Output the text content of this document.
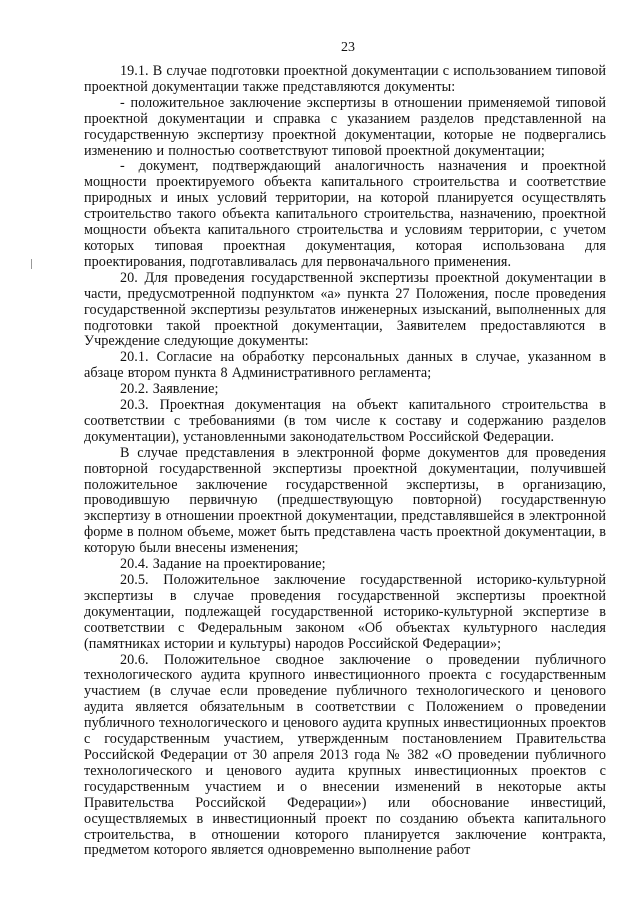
23

19.1. В случае подготовки проектной документации с использованием типовой проектной документации также представляются документы:

- положительное заключение экспертизы в отношении применяемой типовой проектной документации и справка с указанием разделов представленной на государственную экспертизу проектной документации, которые не подвергались изменению и полностью соответствуют типовой проектной документации;

- документ, подтверждающий аналогичность назначения и проектной мощности проектируемого объекта капитального строительства и соответствие природных и иных условий территории, на которой планируется осуществлять строительство такого объекта капитального строительства, назначению, проектной мощности объекта капитального строительства и условиям территории, с учетом которых типовая проектная документация, которая использована для проектирования, подготавливалась для первоначального применения.

20. Для проведения государственной экспертизы проектной документации в части, предусмотренной подпунктом «а» пункта 27 Положения, после проведения государственной экспертизы результатов инженерных изысканий, выполненных для подготовки такой проектной документации, Заявителем предоставляются в Учреждение следующие документы:

20.1. Согласие на обработку персональных данных в случае, указанном в абзаце втором пункта 8 Административного регламента;

20.2. Заявление;

20.3. Проектная документация на объект капитального строительства в соответствии с требованиями (в том числе к составу и содержанию разделов документации), установленными законодательством Российской Федерации.

В случае представления в электронной форме документов для проведения повторной государственной экспертизы проектной документации, получившей положительное заключение государственной экспертизы, в организацию, проводившую первичную (предшествующую повторной) государственную экспертизу в отношении проектной документации, представлявшейся в электронной форме в полном объеме, может быть представлена часть проектной документации, в которую были внесены изменения;

20.4. Задание на проектирование;

20.5. Положительное заключение государственной историко-культурной экспертизы в случае проведения государственной экспертизы проектной документации, подлежащей государственной историко-культурной экспертизе в соответствии с Федеральным законом «Об объектах культурного наследия (памятниках истории и культуры) народов Российской Федерации»;

20.6. Положительное сводное заключение о проведении публичного технологического аудита крупного инвестиционного проекта с государственным участием (в случае если проведение публичного технологического и ценового аудита является обязательным в соответствии с Положением о проведении публичного технологического и ценового аудита крупных инвестиционных проектов с государственным участием, утвержденным постановлением Правительства Российской Федерации от 30 апреля 2013 года № 382 «О проведении публичного технологического и ценового аудита крупных инвестиционных проектов с государственным участием и о внесении изменений в некоторые акты Правительства Российской Федерации») или обоснование инвестиций, осуществляемых в инвестиционный проект по созданию объекта капитального строительства, в отношении которого планируется заключение контракта, предметом которого является одновременно выполнение работ
